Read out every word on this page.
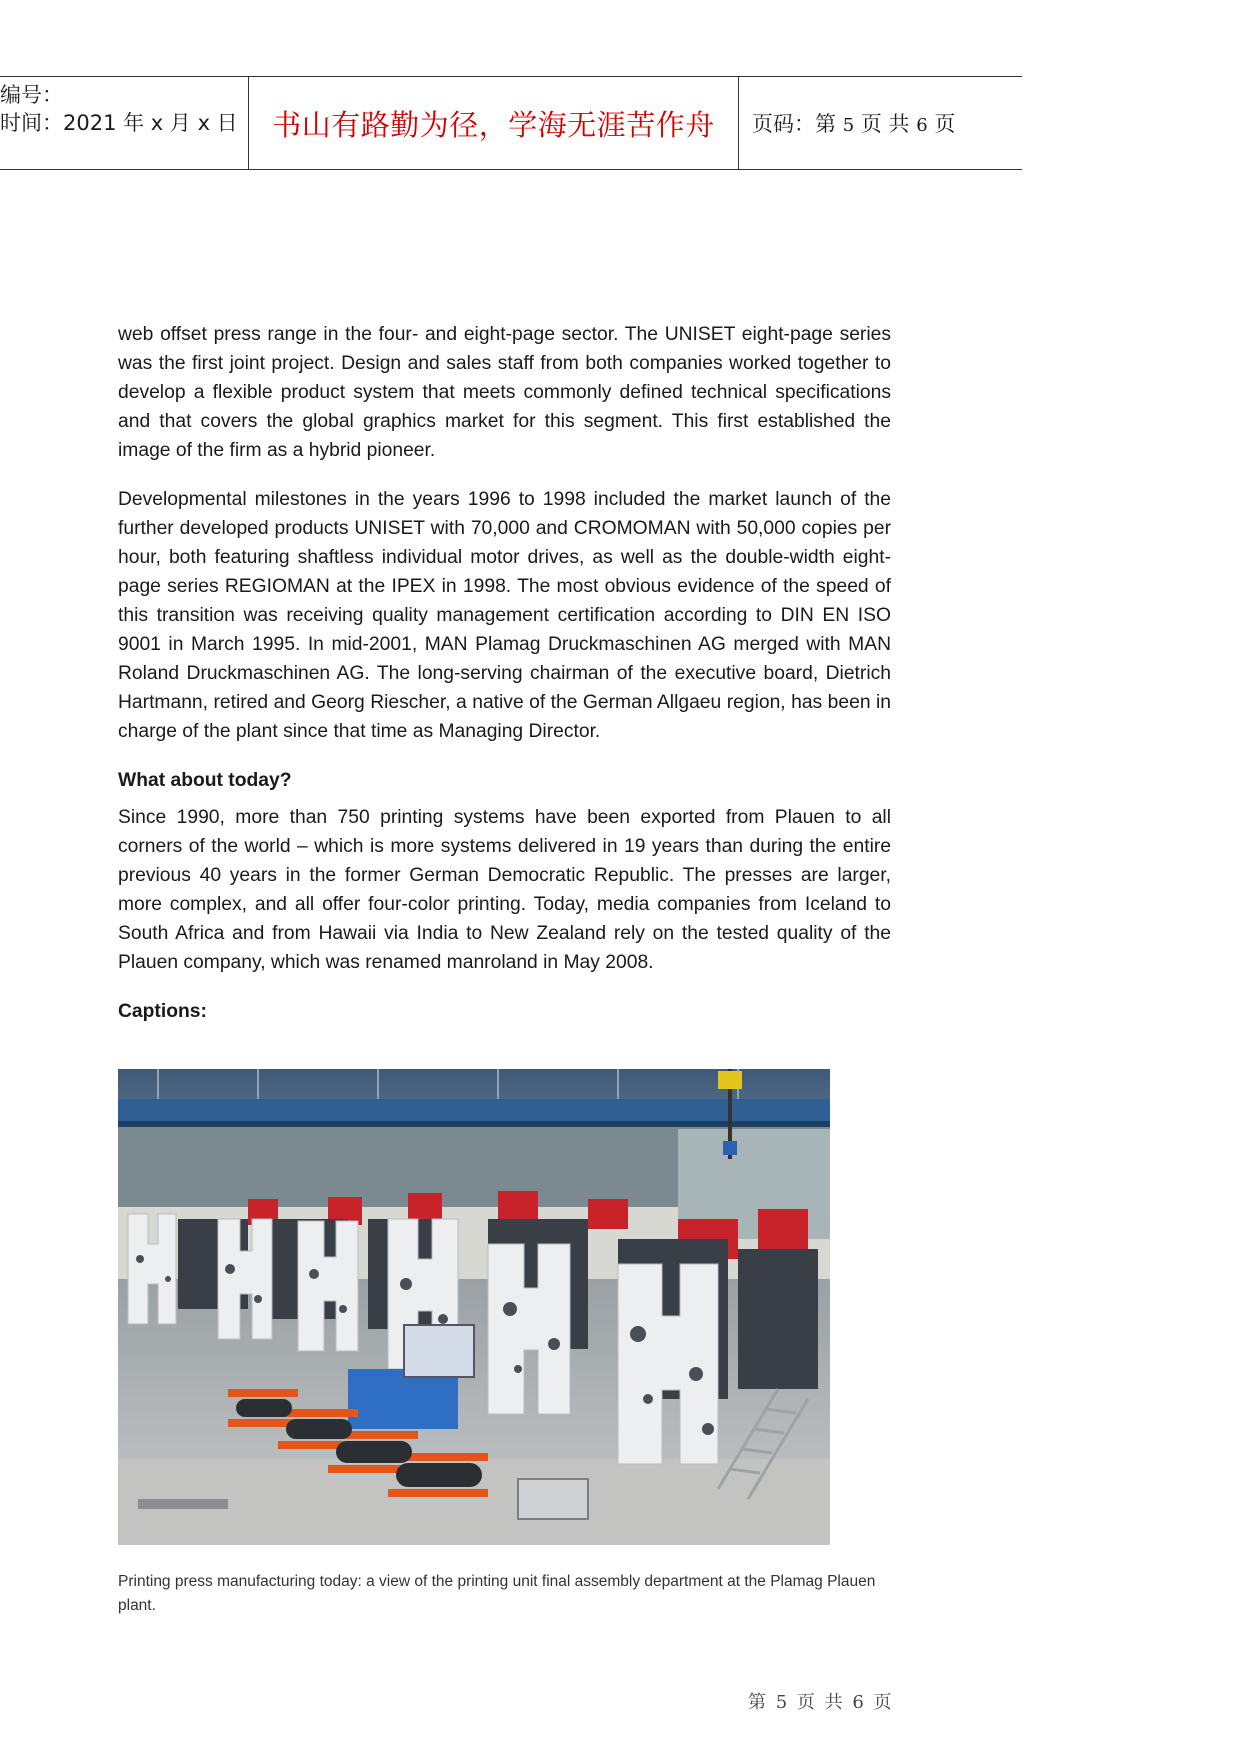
编号：
时间：2021 年 x 月 x 日 书山有路勤为径，学海无涯苦作舟 页码：第 5 页 共 6 页

web offset press range in the four- and eight-page sector. The UNISET eight-page series was the first joint project. Design and sales staff from both companies worked together to develop a flexible product system that meets commonly defined technical specifications and that covers the global graphics market for this segment. This first established the image of the firm as a hybrid pioneer.

Developmental milestones in the years 1996 to 1998 included the market launch of the further developed products UNISET with 70,000 and CROMOMAN with 50,000 copies per hour, both featuring shaftless individual motor drives, as well as the double-width eight-page series REGIOMAN at the IPEX in 1998. The most obvious evidence of the speed of this transition was receiving quality management certification according to DIN EN ISO 9001 in March 1995. In mid-2001, MAN Plamag Druckmaschinen AG merged with MAN Roland Druckmaschinen AG. The long-serving chairman of the executive board, Dietrich Hartmann, retired and Georg Riescher, a native of the German Allgaeu region, has been in charge of the plant since that time as Managing Director.

What about today?

Since 1990, more than 750 printing systems have been exported from Plauen to all corners of the world – which is more systems delivered in 19 years than during the entire previous 40 years in the former German Democratic Republic. The presses are larger, more complex, and all offer four-color printing. Today, media companies from Iceland to South Africa and from Hawaii via India to New Zealand rely on the tested quality of the Plauen company, which was renamed manroland in May 2008.

Captions:
Printing press manufacturing today: a view of the printing unit final assembly department at the Plamag Plauen plant.
第 5 页 共 6 页
